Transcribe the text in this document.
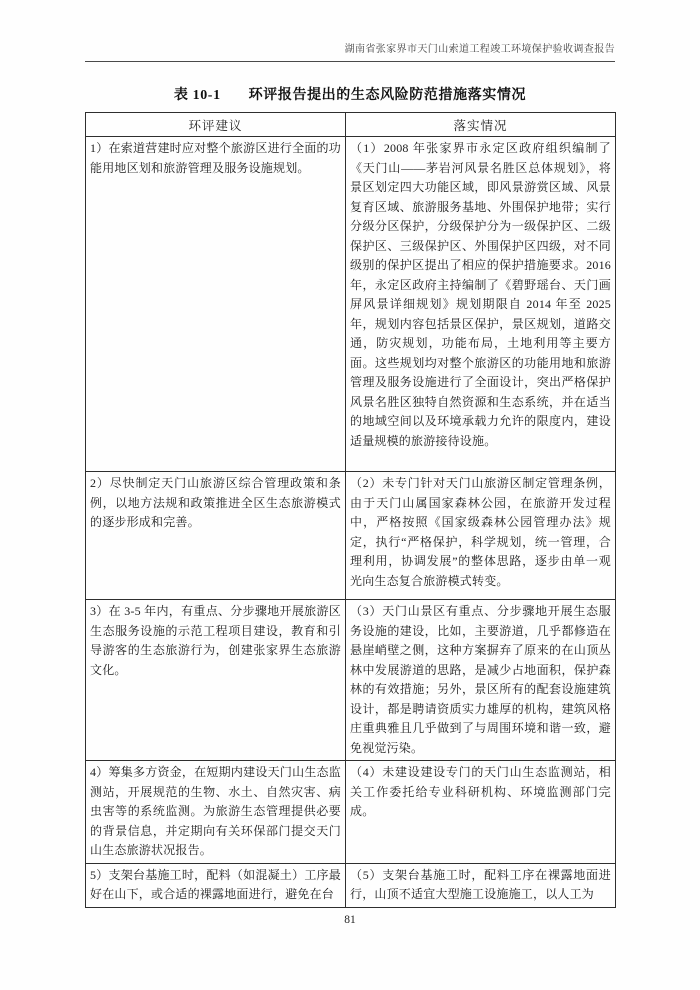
湖南省张家界市天门山索道工程竣工环境保护验收调查报告
表 10-1 环评报告提出的生态风险防范措施落实情况
环评建议	落实情况
1）在索道营建时应对整个旅游区进行全面的功能用地区划和旅游管理及服务设施规划。	（1）2008 年张家界市永定区政府组织编制了《天门山——茅岩河风景名胜区总体规划》，将景区划定四大功能区域，即风景游赏区域、风景复育区域、旅游服务基地、外围保护地带；实行分级分区保护，分级保护分为一级保护区、二级保护区、三级保护区、外围保护区四级，对不同级别的保护区提出了相应的保护措施要求。2016 年，永定区政府主持编制了《碧野瑶台、天门画屏风景详细规划》规划期限自 2014 年至 2025 年，规划内容包括景区保护，景区规划，道路交通，防灾规划，功能布局，土地利用等主要方面。这些规划均对整个旅游区的功能用地和旅游管理及服务设施进行了全面设计，突出严格保护风景名胜区独特自然资源和生态系统，并在适当的地域空间以及环境承载力允许的限度内，建设适量规模的旅游接待设施。
2）尽快制定天门山旅游区综合管理政策和条例，以地方法规和政策推进全区生态旅游模式的逐步形成和完善。	（2）未专门针对天门山旅游区制定管理条例，由于天门山属国家森林公园，在旅游开发过程中，严格按照《国家级森林公园管理办法》规定，执行“严格保护，科学规划，统一管理，合理利用，协调发展”的整体思路，逐步由单一观光向生态复合旅游模式转变。
3）在 3-5 年内，有重点、分步骤地开展旅游区生态服务设施的示范工程项目建设，教育和引导游客的生态旅游行为，创建张家界生态旅游文化。	（3）天门山景区有重点、分步骤地开展生态服务设施的建设，比如，主要游道，几乎都修造在悬崖峭壁之侧，这种方案摒弃了原来的在山顶丛林中发展游道的思路，是减少占地面积，保护森林的有效措施；另外，景区所有的配套设施建筑设计，都是聘请资质实力雄厚的机构，建筑风格庄重典雅且几乎做到了与周围环境和谐一致，避免视觉污染。
4）筹集多方资金，在短期内建设天门山生态监测站，开展规范的生物、水土、自然灾害、病虫害等的系统监测。为旅游生态管理提供必要的背景信息，并定期向有关环保部门提交天门山生态旅游状况报告。	（4）未建设建设专门的天门山生态监测站，相关工作委托给专业科研机构、环境监测部门完成。
5）支架台基施工时，配料（如混凝土）工序最好在山下，或合适的裸露地面进行，避免在台	（5）支架台基施工时，配料工序在裸露地面进行，山顶不适宜大型施工设施施工，以人工为
81
